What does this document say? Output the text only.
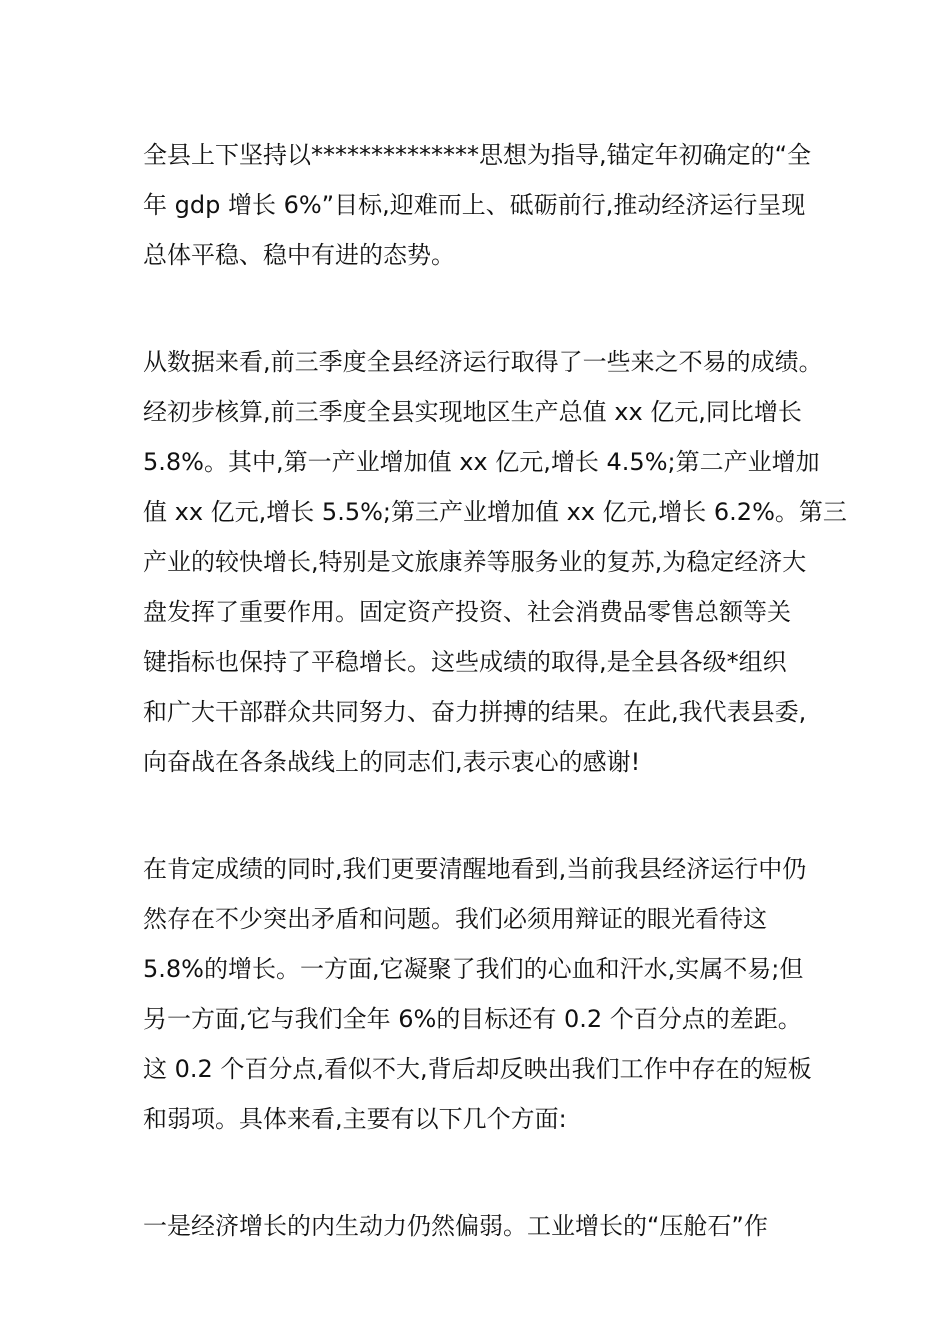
全县上下坚持以**************思想为指导,锚定年初确定的“全
年 gdp 增长 6%”目标,迎难而上、砥砺前行,推动经济运行呈现
总体平稳、稳中有进的态势。

从数据来看,前三季度全县经济运行取得了一些来之不易的成绩。
经初步核算,前三季度全县实现地区生产总值 xx 亿元,同比增长
5.8%。其中,第一产业增加值 xx 亿元,增长 4.5%;第二产业增加
值 xx 亿元,增长 5.5%;第三产业增加值 xx 亿元,增长 6.2%。第三
产业的较快增长,特别是文旅康养等服务业的复苏,为稳定经济大
盘发挥了重要作用。固定资产投资、社会消费品零售总额等关
键指标也保持了平稳增长。这些成绩的取得,是全县各级*组织
和广大干部群众共同努力、奋力拼搏的结果。在此,我代表县委,
向奋战在各条战线上的同志们,表示衷心的感谢!

在肯定成绩的同时,我们更要清醒地看到,当前我县经济运行中仍
然存在不少突出矛盾和问题。我们必须用辩证的眼光看待这
5.8%的增长。一方面,它凝聚了我们的心血和汗水,实属不易;但
另一方面,它与我们全年 6%的目标还有 0.2 个百分点的差距。
这 0.2 个百分点,看似不大,背后却反映出我们工作中存在的短板
和弱项。具体来看,主要有以下几个方面:

一是经济增长的内生动力仍然偏弱。工业增长的“压舱石”作
